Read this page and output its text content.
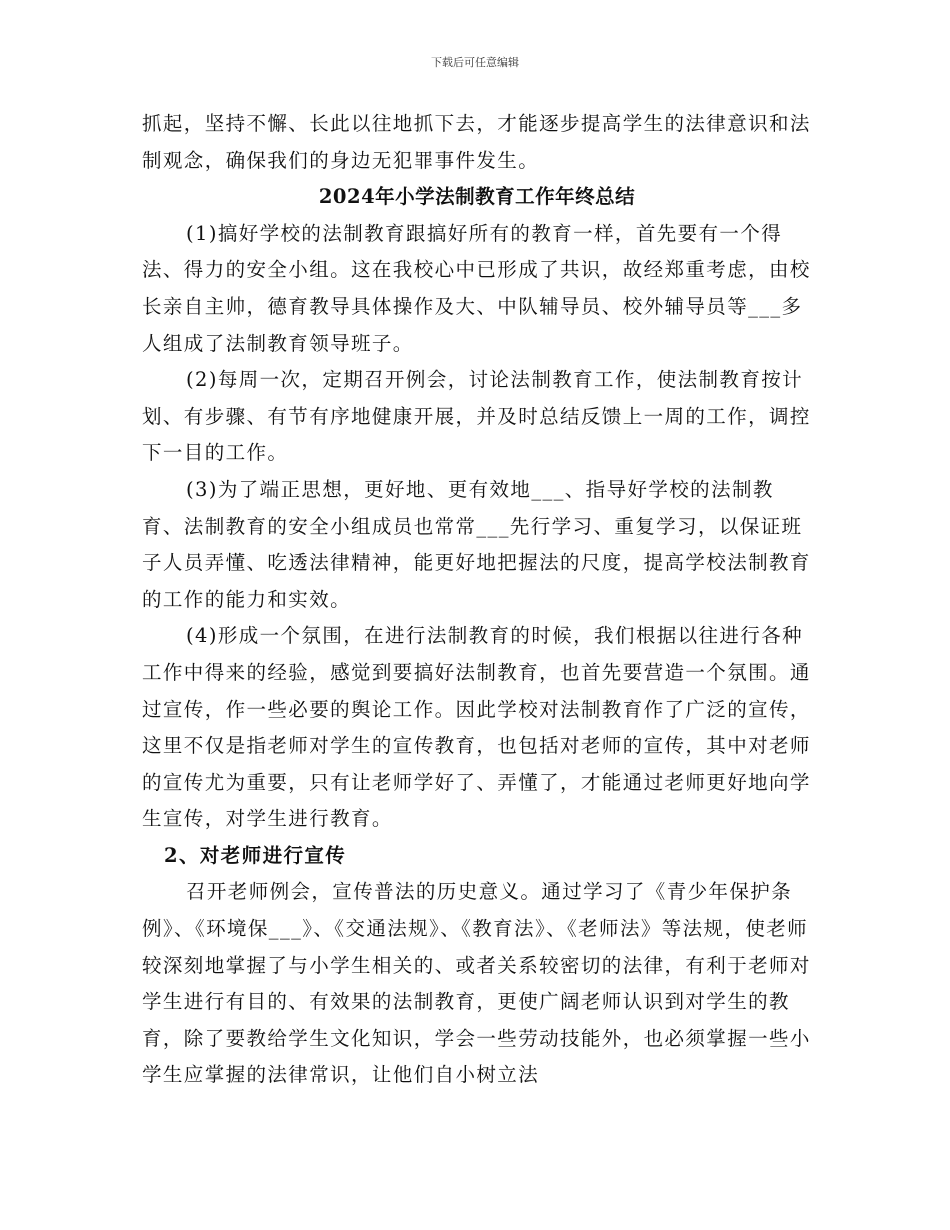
下载后可任意编辑

抓起，坚持不懈、长此以往地抓下去，才能逐步提高学生的法律意识和法制观念，确保我们的身边无犯罪事件发生。

2024年小学法制教育工作年终总结

(1)搞好学校的法制教育跟搞好所有的教育一样，首先要有一个得法、得力的安全小组。这在我校心中已形成了共识，故经郑重考虑，由校长亲自主帅，德育教导具体操作及大、中队辅导员、校外辅导员等___多人组成了法制教育领导班子。

(2)每周一次，定期召开例会，讨论法制教育工作，使法制教育按计划、有步骤、有节有序地健康开展，并及时总结反馈上一周的工作，调控下一目的工作。

(3)为了端正思想，更好地、更有效地___、指导好学校的法制教育、法制教育的安全小组成员也常常___先行学习、重复学习，以保证班子人员弄懂、吃透法律精神，能更好地把握法的尺度，提高学校法制教育的工作的能力和实效。

(4)形成一个氛围，在进行法制教育的时候，我们根据以往进行各种工作中得来的经验，感觉到要搞好法制教育，也首先要营造一个氛围。通过宣传，作一些必要的舆论工作。因此学校对法制教育作了广泛的宣传，这里不仅是指老师对学生的宣传教育，也包括对老师的宣传，其中对老师的宣传尤为重要，只有让老师学好了、弄懂了，才能通过老师更好地向学生宣传，对学生进行教育。

2、对老师进行宣传

召开老师例会，宣传普法的历史意义。通过学习了《青少年保护条例》、《环境保___》、《交通法规》、《教育法》、《老师法》等法规，使老师较深刻地掌握了与小学生相关的、或者关系较密切的法律，有利于老师对学生进行有目的、有效果的法制教育，更使广阔老师认识到对学生的教育，除了要教给学生文化知识，学会一些劳动技能外，也必须掌握一些小学生应掌握的法律常识，让他们自小树立法
